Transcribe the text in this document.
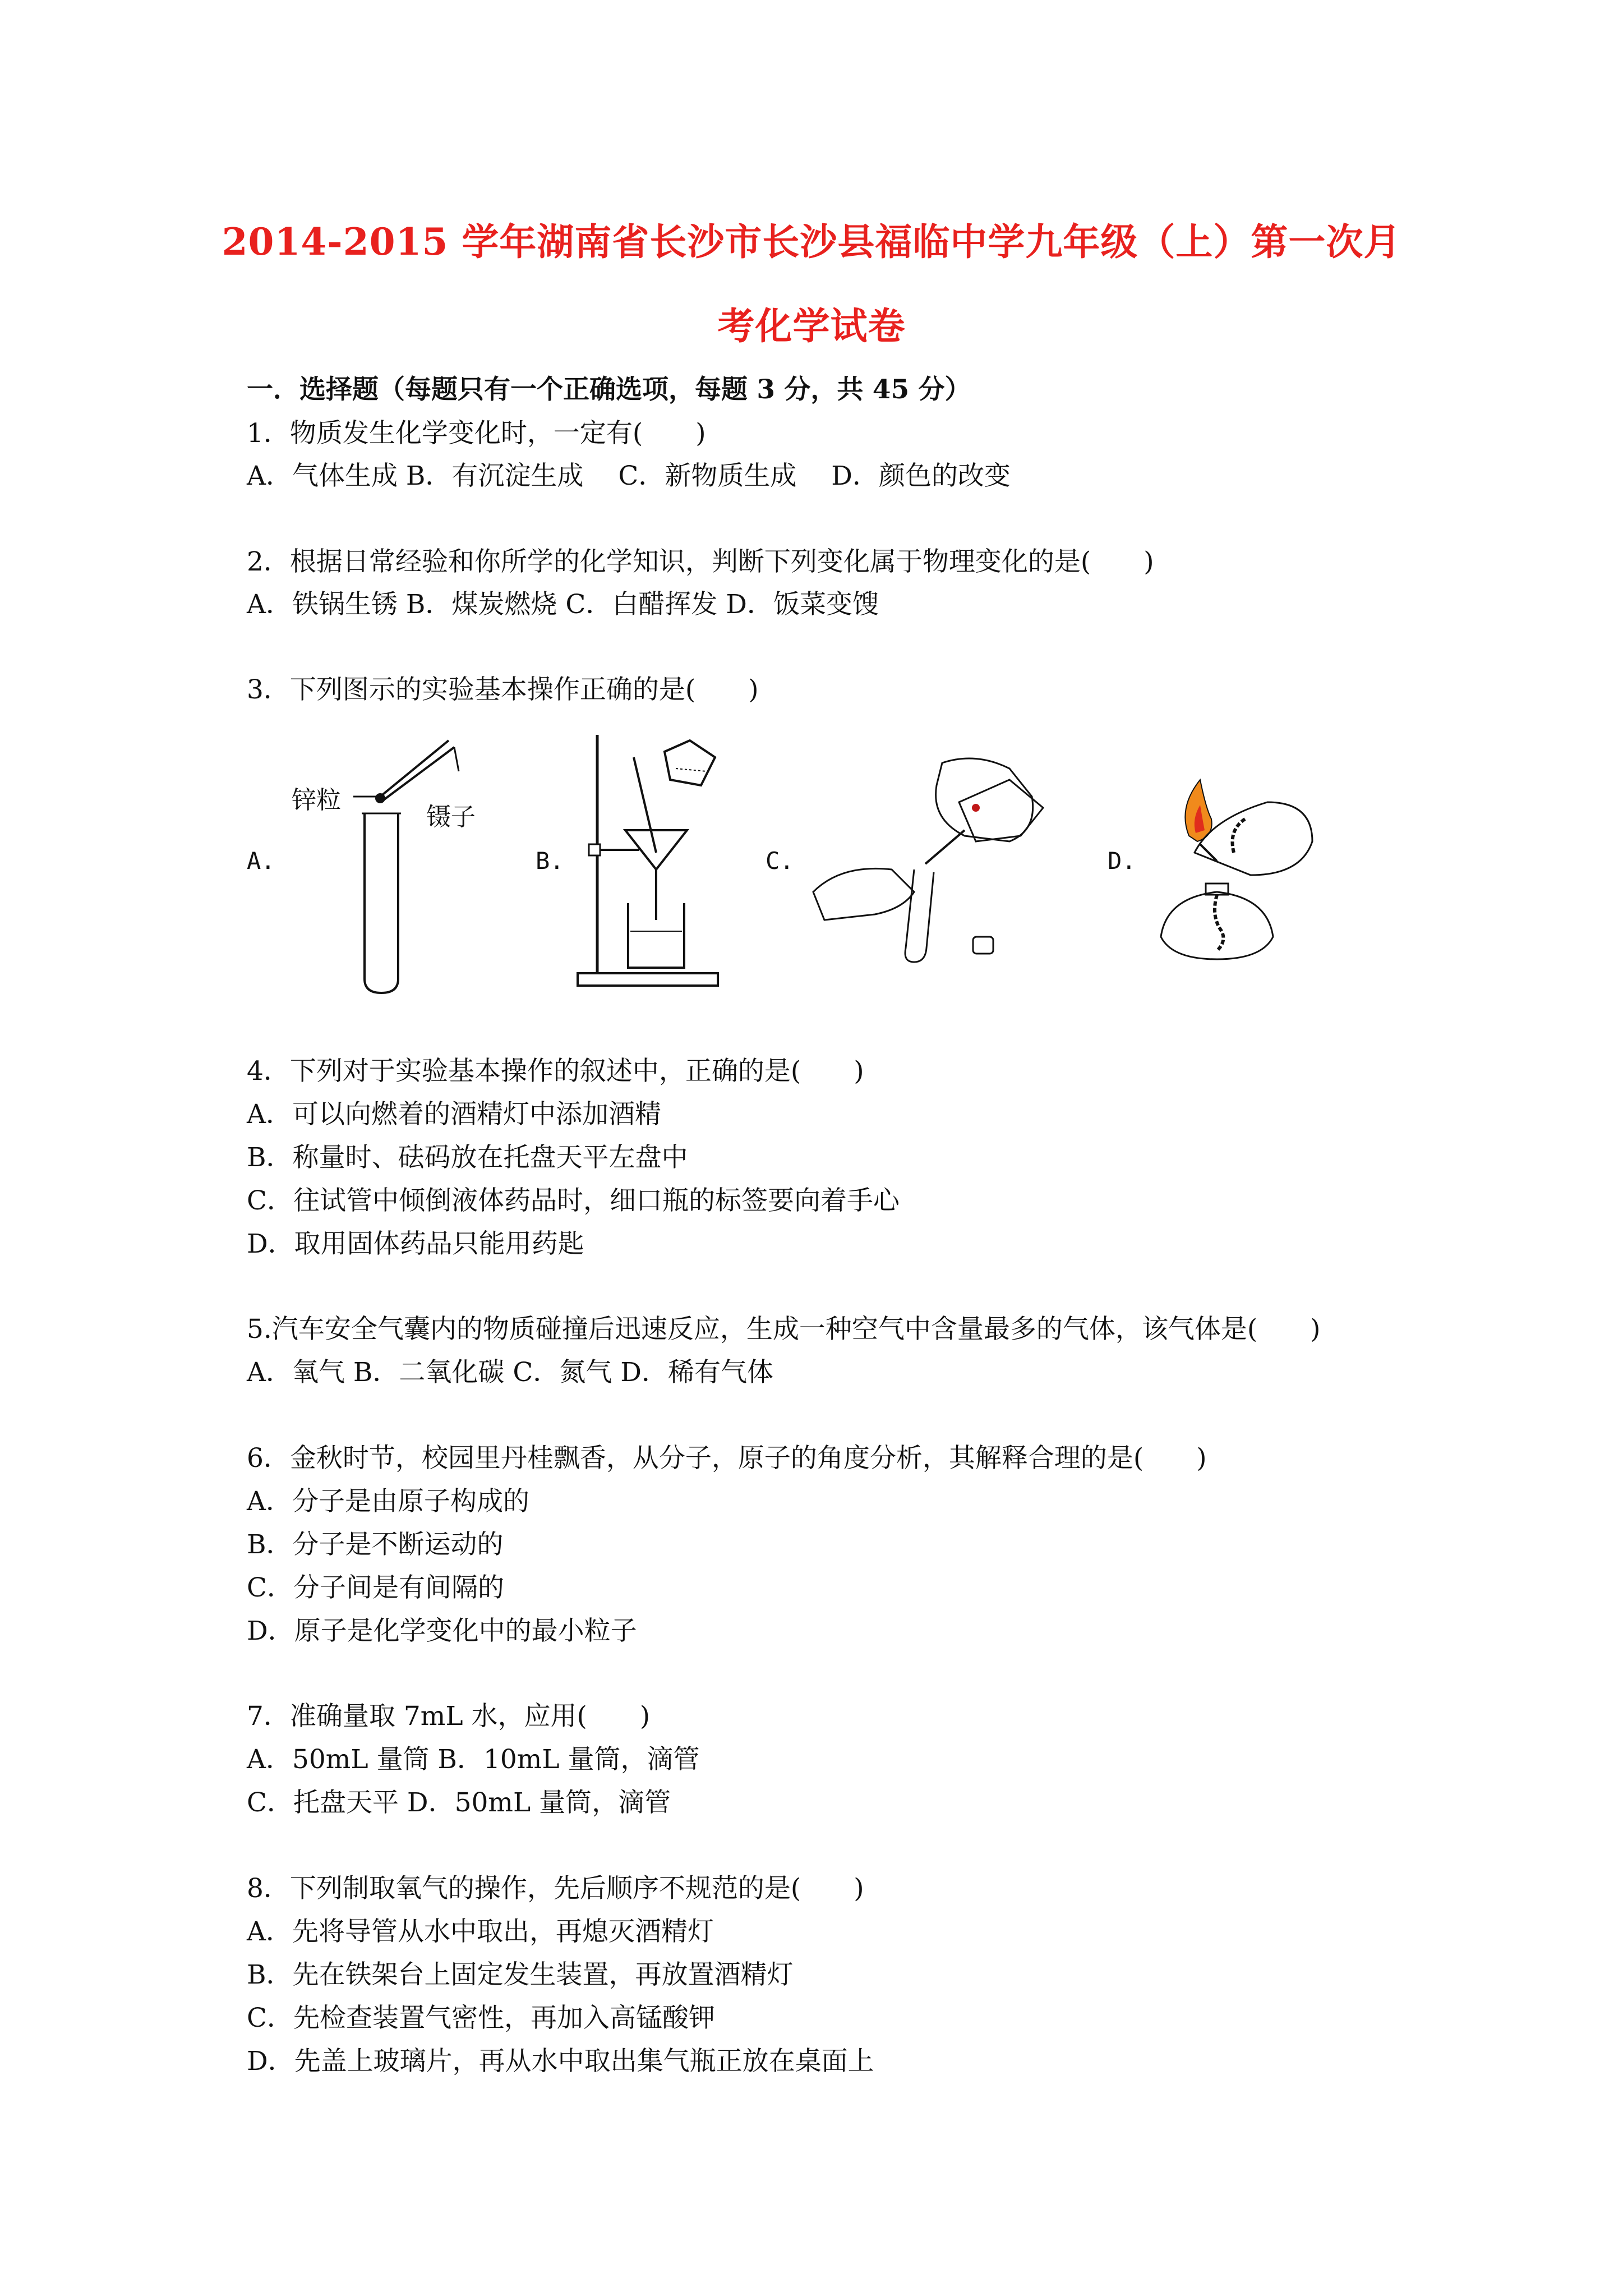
2014-2015 学年湖南省长沙市长沙县福临中学九年级（上）第一次月
考化学试卷
一．选择题（每题只有一个正确选项，每题 3 分，共 45 分）
1．物质发生化学变化时，一定有(　　)
A．气体生成 B．有沉淀生成　 C．新物质生成　 D．颜色的改变
2．根据日常经验和你所学的化学知识，判断下列变化属于物理变化的是(　　)
A．铁锅生锈 B．煤炭燃烧 C．白醋挥发 D．饭菜变馊
3．下列图示的实验基本操作正确的是(　　)
A.	B.	C.	D.
锌粒
镊子
4．下列对于实验基本操作的叙述中，正确的是(　　)
A．可以向燃着的酒精灯中添加酒精
B．称量时、砝码放在托盘天平左盘中
C．往试管中倾倒液体药品时，细口瓶的标签要向着手心
D．取用固体药品只能用药匙
5.汽车安全气囊内的物质碰撞后迅速反应，生成一种空气中含量最多的气体，该气体是(　　)
A．氧气 B．二氧化碳 C．氮气 D．稀有气体
6．金秋时节，校园里丹桂飘香，从分子，原子的角度分析，其解释合理的是(　　)
A．分子是由原子构成的
B．分子是不断运动的
C．分子间是有间隔的
D．原子是化学变化中的最小粒子
7．准确量取 7mL 水，应用(　　)
A．50mL 量筒 B．10mL 量筒，滴管
C．托盘天平 D．50mL 量筒，滴管
8．下列制取氧气的操作，先后顺序不规范的是(　　)
A．先将导管从水中取出，再熄灭酒精灯
B．先在铁架台上固定发生装置，再放置酒精灯
C．先检查装置气密性，再加入高锰酸钾
D．先盖上玻璃片，再从水中取出集气瓶正放在桌面上
